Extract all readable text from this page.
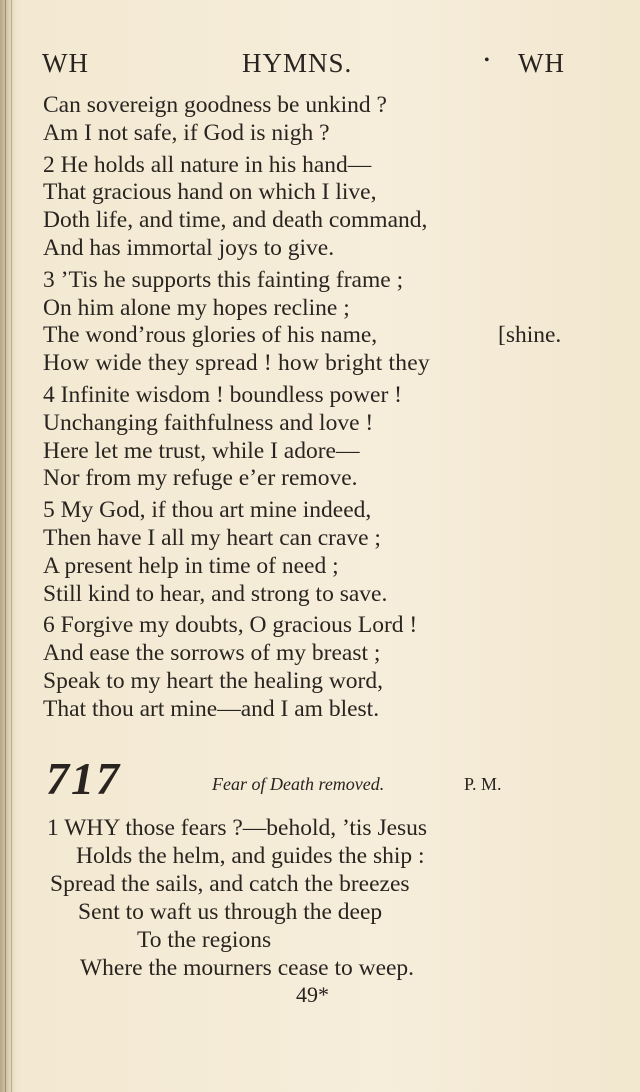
WH	HYMNS.	• WH
Can sovereign goodness be unkind ?
Am I not safe, if God is nigh ?
2 He holds all nature in his hand—
That gracious hand on which I live,
Doth life, and time, and death command,
And has immortal joys to give.
3 ’Tis he supports this fainting frame ;
On him alone my hopes recline ;
The wond’rous glories of his name,	[shine.
How wide they spread ! how bright they
4 Infinite wisdom ! boundless power !
Unchanging faithfulness and love !
Here let me trust, while I adore—
Nor from my refuge e’er remove.
5 My God, if thou art mine indeed,
Then have I all my heart can crave ;
A present help in time of need ;
Still kind to hear, and strong to save.
6 Forgive my doubts, O gracious Lord !
And ease the sorrows of my breast ;
Speak to my heart the healing word,
That thou art mine—and I am blest.
717	Fear of Death removed.	P. M.
1 WHY those fears ?—behold, ’tis Jesus
Holds the helm, and guides the ship :
Spread the sails, and catch the breezes
Sent to waft us through the deep
To the regions
Where the mourners cease to weep.
49*
